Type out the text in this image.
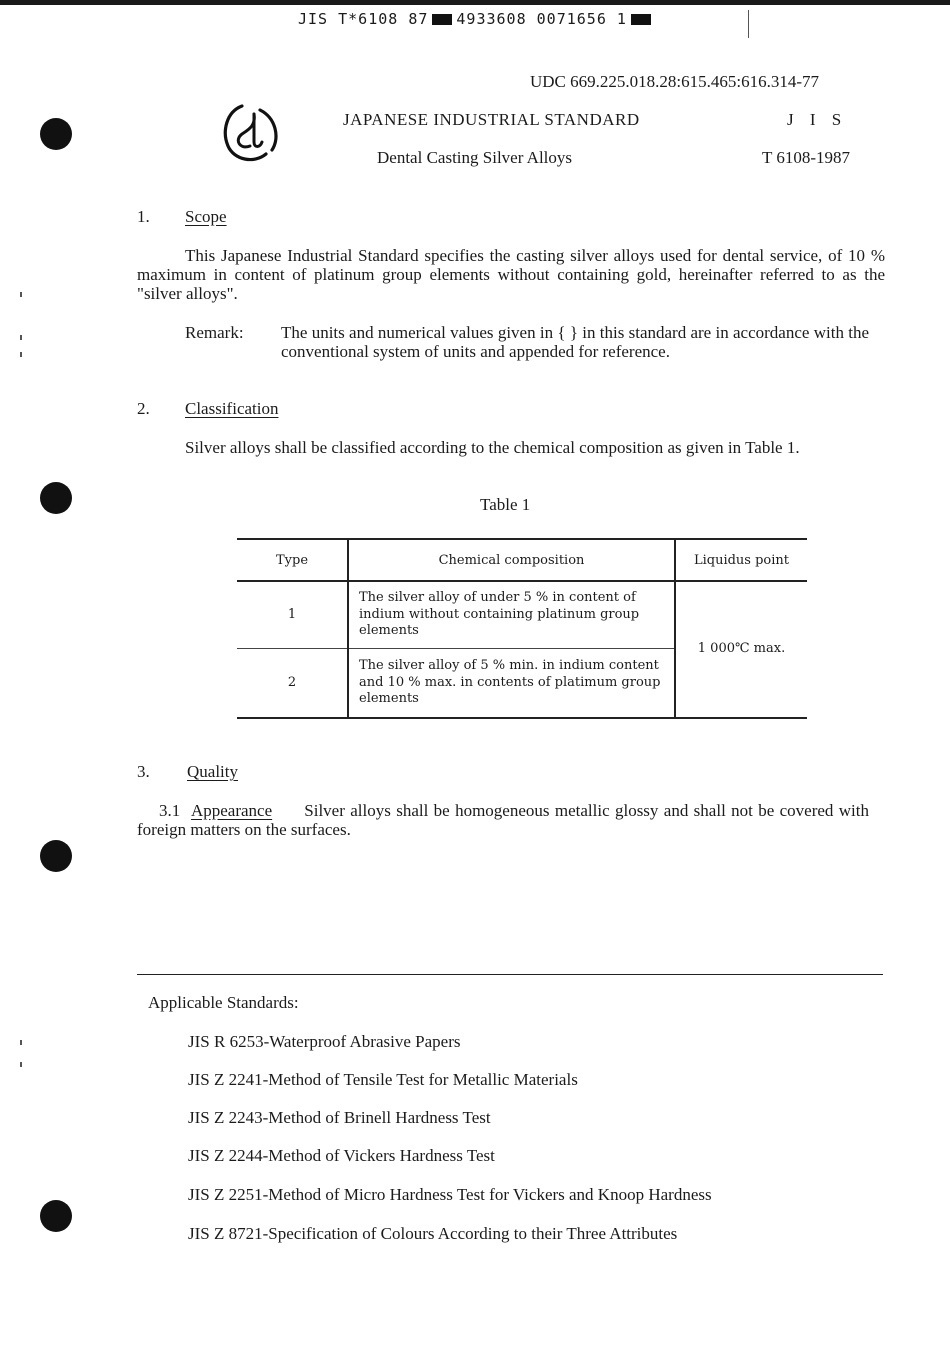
JIS T*6108 87 4933608 0071656 1
UDC 669.225.018.28:615.465:616.314-77
JAPANESE INDUSTRIAL STANDARD	J I S
Dental Casting Silver Alloys	T 6108-1987
1. Scope

This Japanese Industrial Standard specifies the casting silver alloys used for dental service, of 10 % maximum in content of platinum group elements without containing gold, hereinafter referred to as the "silver alloys".

Remark: The units and numerical values given in { } in this standard are in accordance with the conventional system of units and appended for reference.

2. Classification

Silver alloys shall be classified according to the chemical composition as given in Table 1.

Table 1
Type	Chemical composition	Liquidus point
1	The silver alloy of under 5 % in content of indium without containing platinum group elements	1 000℃ max.
2	The silver alloy of 5 % min. in indium content and 10 % max. in contents of platimum group elements	
3. Quality

3.1 Appearance Silver alloys shall be homogeneous metallic glossy and shall not be covered with foreign matters on the surfaces.

Applicable Standards:
JIS R 6253-Waterproof Abrasive Papers
JIS Z 2241-Method of Tensile Test for Metallic Materials
JIS Z 2243-Method of Brinell Hardness Test
JIS Z 2244-Method of Vickers Hardness Test
JIS Z 2251-Method of Micro Hardness Test for Vickers and Knoop Hardness
JIS Z 8721-Specification of Colours According to their Three Attributes
